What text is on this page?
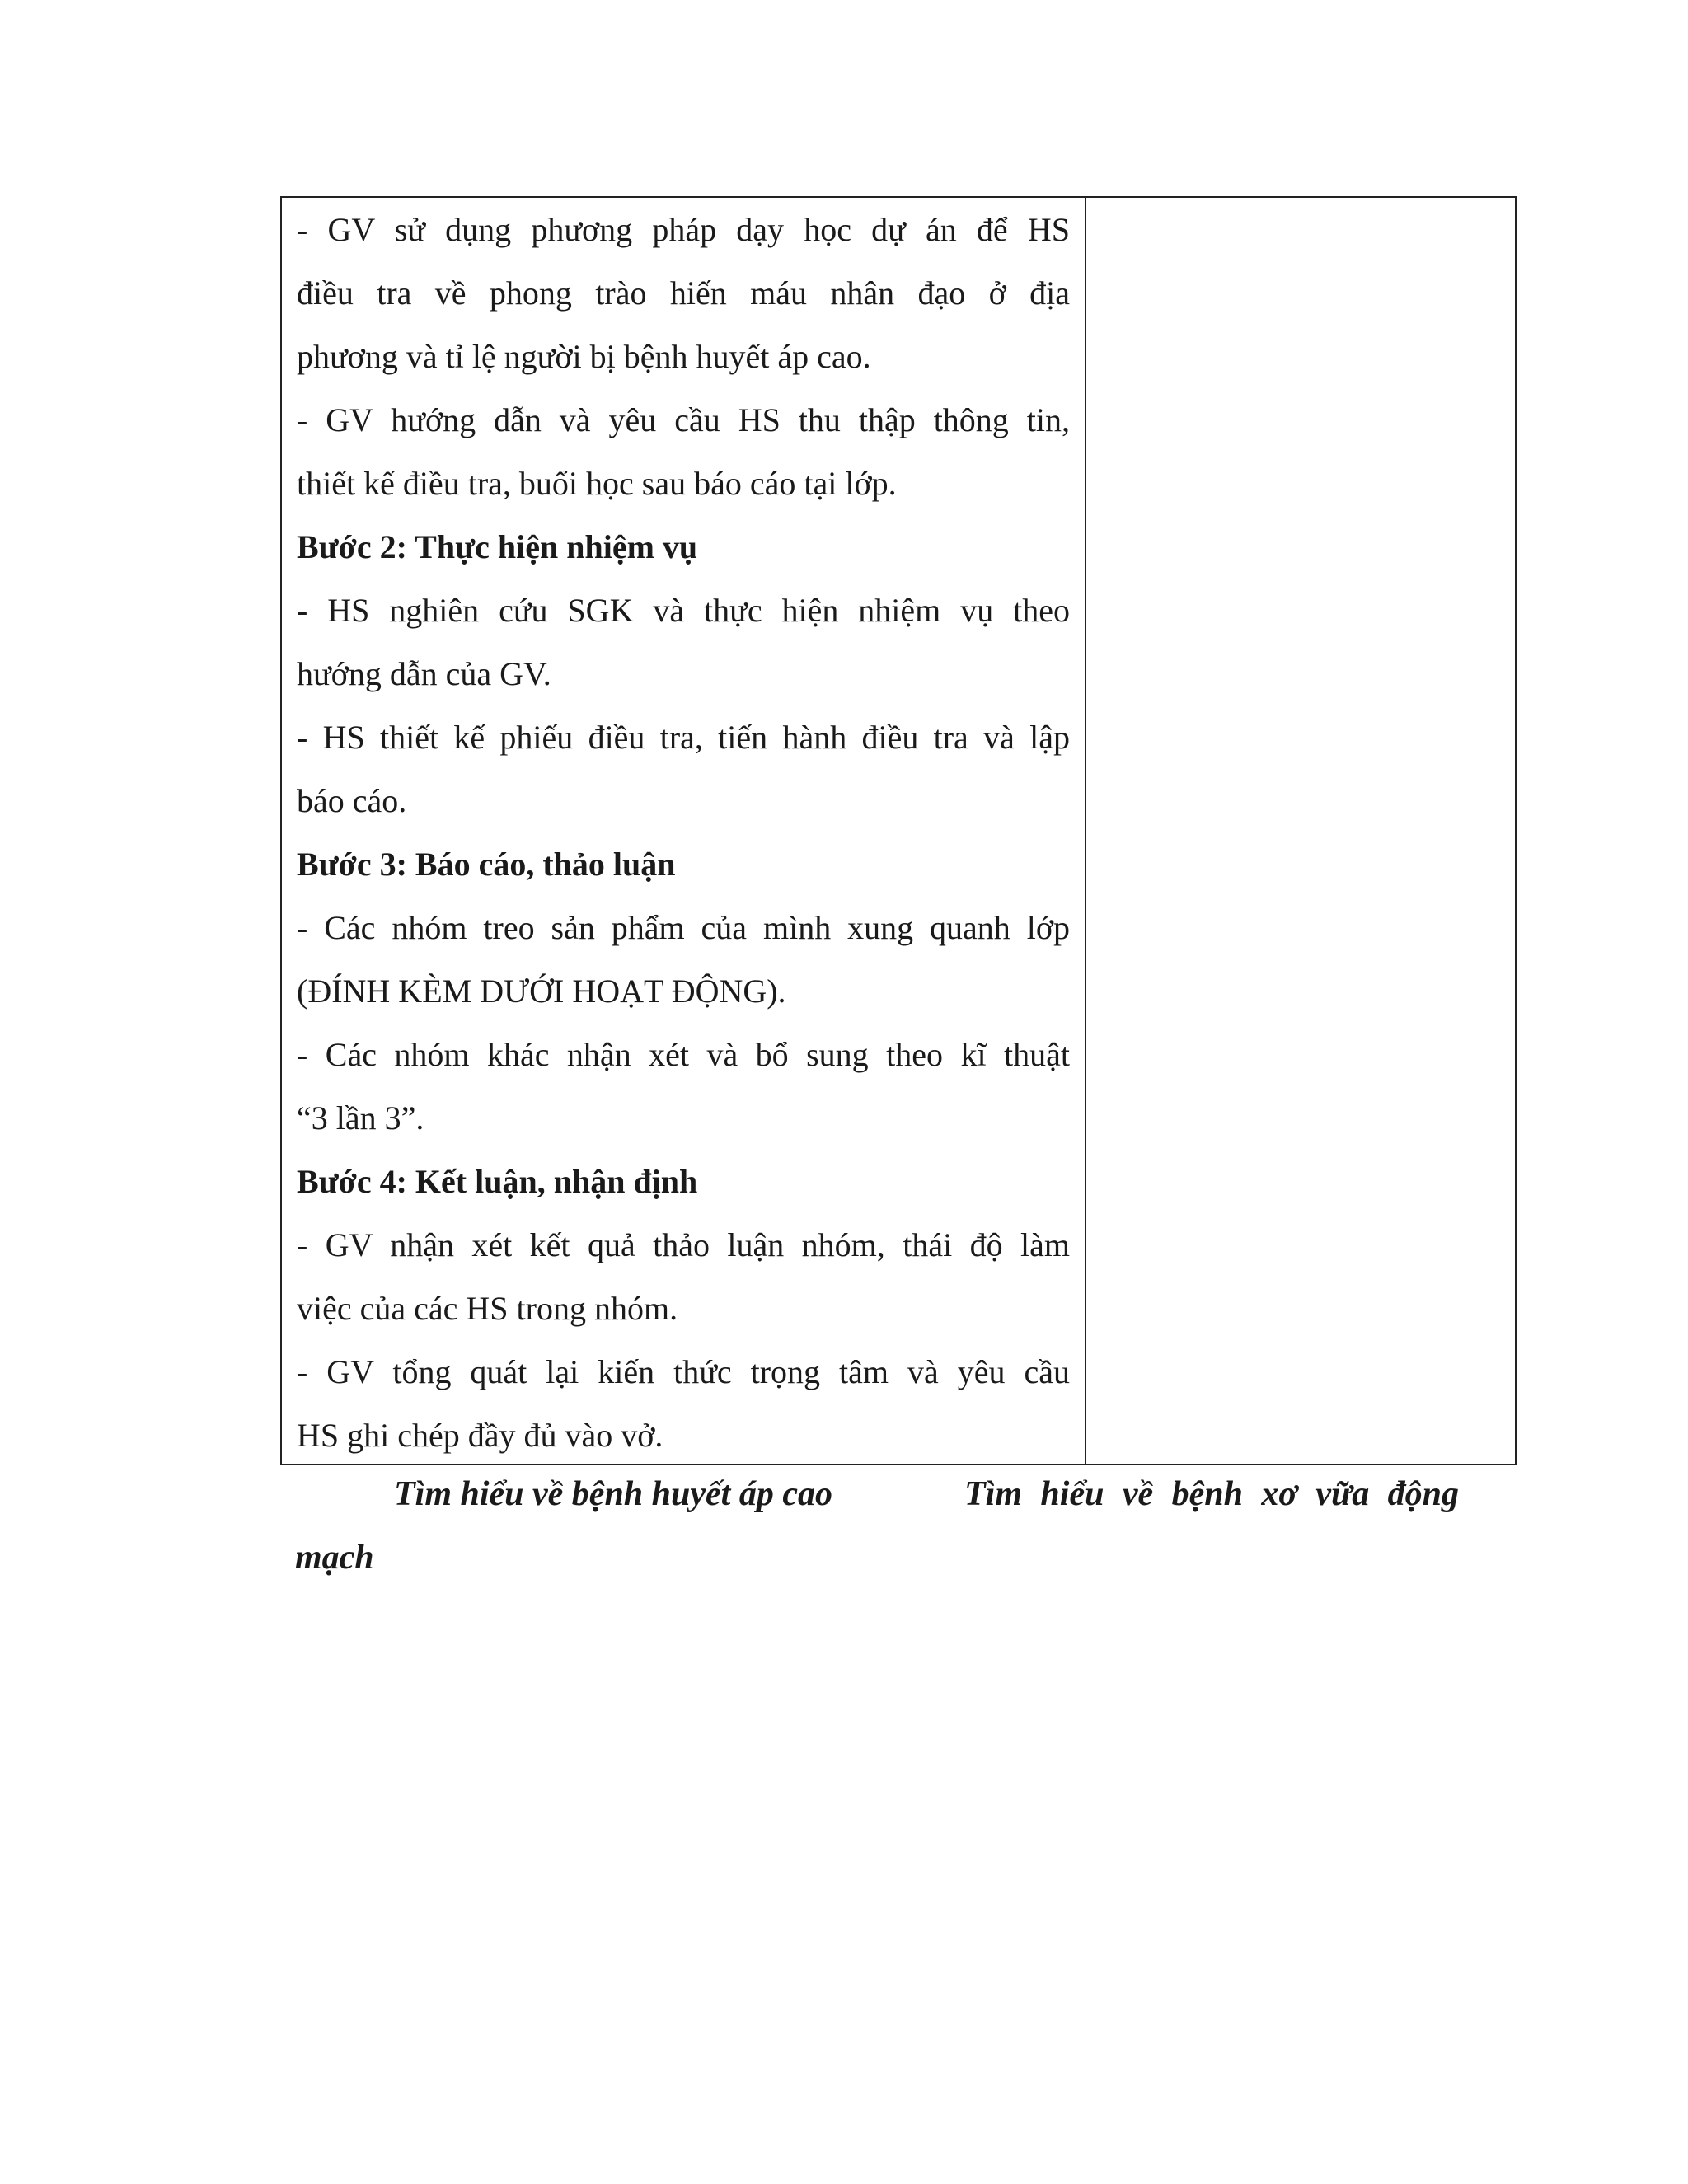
- GV sử dụng phương pháp dạy học dự án để HS
điều tra về phong trào hiến máu nhân đạo ở địa
phương và tỉ lệ người bị bệnh huyết áp cao.
- GV hướng dẫn và yêu cầu HS thu thập thông tin,
thiết kế điều tra, buổi học sau báo cáo tại lớp.
Bước 2: Thực hiện nhiệm vụ
- HS nghiên cứu SGK và thực hiện nhiệm vụ theo
hướng dẫn của GV.
- HS thiết kế phiếu điều tra, tiến hành điều tra và lập
báo cáo.
Bước 3: Báo cáo, thảo luận
- Các nhóm treo sản phẩm của mình xung quanh lớp
(ĐÍNH KÈM DƯỚI HOẠT ĐỘNG).
- Các nhóm khác nhận xét và bổ sung theo kĩ thuật
“3 lần 3”.
Bước 4: Kết luận, nhận định
- GV nhận xét kết quả thảo luận nhóm, thái độ làm
việc của các HS trong nhóm.
- GV tổng quát lại kiến thức trọng tâm và yêu cầu
HS ghi chép đầy đủ vào vở.
Tìm hiểu về bệnh huyết áp cao	Tìm hiểu về bệnh xơ vữa động
mạch
